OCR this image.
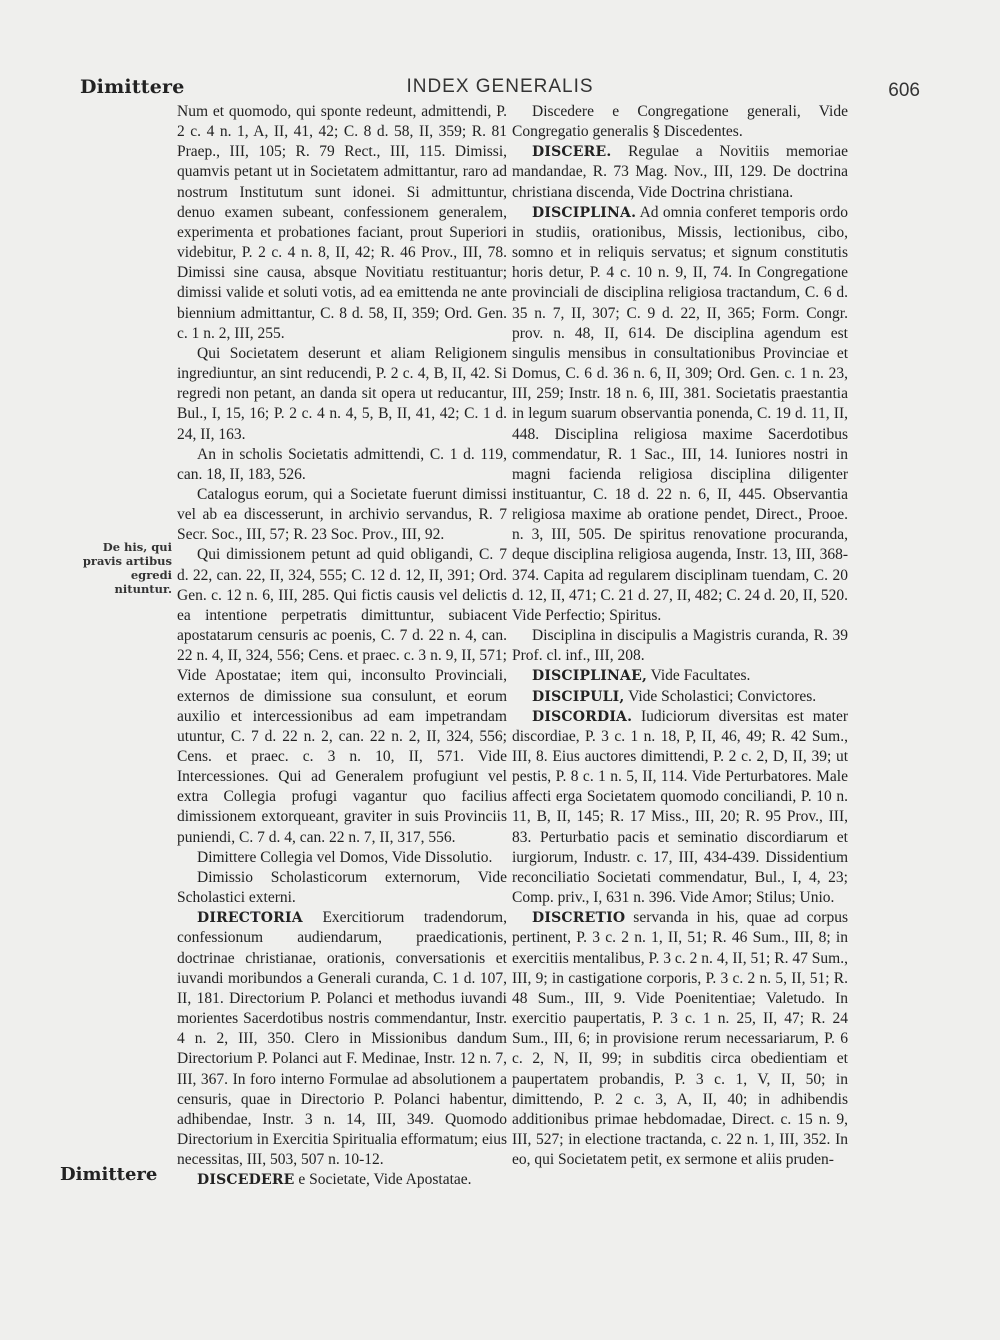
Dimittere	INDEX GENERALIS	606
De his, qui pravis artibus egredi nituntur.

Num et quomodo, qui sponte redeunt, admittendi, P. 2 c. 4 n. 1, A, II, 41, 42; C. 8 d. 58, II, 359; R. 81 Praep., III, 105; R. 79 Rect., III, 115. Dimissi, quamvis petant ut in Societatem admittantur, raro ad nostrum Institutum sunt idonei. Si admittuntur, denuo examen subeant, confessionem generalem, experimenta et probationes faciant, prout Superiori videbitur, P. 2 c. 4 n. 8, II, 42; R. 46 Prov., III, 78. Dimissi sine causa, absque Novitiatu restituantur; dimissi valide et soluti votis, ad ea emittenda ne ante biennium admittantur, C. 8 d. 58, II, 359; Ord. Gen. c. 1 n. 2, III, 255.

Qui Societatem deserunt et aliam Religionem ingrediuntur, an sint reducendi, P. 2 c. 4, B, II, 42. Si regredi non petant, an danda sit opera ut reducantur, Bul., I, 15, 16; P. 2 c. 4 n. 4, 5, B, II, 41, 42; C. 1 d. 24, II, 163.

An in scholis Societatis admittendi, C. 1 d. 119, can. 18, II, 183, 526.

Catalogus eorum, qui a Societate fuerunt dimissi vel ab ea discesserunt, in archivio servandus, R. 7 Secr. Soc., III, 57; R. 23 Soc. Prov., III, 92.

Qui dimissionem petunt ad quid obligandi, C. 7 d. 22, can. 22, II, 324, 555; C. 12 d. 12, II, 391; Ord. Gen. c. 12 n. 6, III, 285. Qui fictis causis vel delictis ea intentione perpetratis dimittuntur, subiacent apostatarum censuris ac poenis, C. 7 d. 22 n. 4, can. 22 n. 4, II, 324, 556; Cens. et praec. c. 3 n. 9, II, 571; Vide Apostatae; item qui, inconsulto Provinciali, externos de dimissione sua consulunt, et eorum auxilio et intercessionibus ad eam impetrandam utuntur, C. 7 d. 22 n. 2, can. 22 n. 2, II, 324, 556; Cens. et praec. c. 3 n. 10, II, 571. Vide Intercessiones. Qui ad Generalem profugiunt vel extra Collegia profugi vagantur quo facilius dimissionem extorqueant, graviter in suis Provinciis puniendi, C. 7 d. 4, can. 22 n. 7, II, 317, 556.

Dimittere Collegia vel Domos, Vide Dissolutio.

Dimissio Scholasticorum externorum, Vide Scholastici externi.

DIRECTORIA Exercitiorum tradendorum, confessionum audiendarum, praedicationis, doctrinae christianae, orationis, conversationis et iuvandi moribundos a Generali curanda, C. 1 d. 107, II, 181. Directorium P. Polanci et methodus iuvandi morientes Sacerdotibus nostris commendantur, Instr. 4 n. 2, III, 350. Clero in Missionibus dandum Directorium P. Polanci aut F. Medinae, Instr. 12 n. 7, III, 367. In foro interno Formulae ad absolutionem a censuris, quae in Directorio P. Polanci habentur, adhibendae, Instr. 3 n. 14, III, 349. Quomodo Directorium in Exercitia Spiritualia efformatum; eius necessitas, III, 503, 507 n. 10-12.

DISCEDERE e Societate, Vide Apostatae.

Discedere e Congregatione generali, Vide Congregatio generalis § Discedentes.

DISCERE. Regulae a Novitiis memoriae mandandae, R. 73 Mag. Nov., III, 129. De doctrina christiana discenda, Vide Doctrina christiana.

DISCIPLINA. Ad omnia conferet temporis ordo in studiis, orationibus, Missis, lectionibus, cibo, somno et in reliquis servatus; et signum constitutis horis detur, P. 4 c. 10 n. 9, II, 74. In Congregatione provinciali de disciplina religiosa tractandum, C. 6 d. 35 n. 7, II, 307; C. 9 d. 22, II, 365; Form. Congr. prov. n. 48, II, 614. De disciplina agendum est singulis mensibus in consultationibus Provinciae et Domus, C. 6 d. 36 n. 6, II, 309; Ord. Gen. c. 1 n. 23, III, 259; Instr. 18 n. 6, III, 381. Societatis praestantia in legum suarum observantia ponenda, C. 19 d. 11, II, 448. Disciplina religiosa maxime Sacerdotibus commendatur, R. 1 Sac., III, 14. Iuniores nostri in magni facienda religiosa disciplina diligenter instituantur, C. 18 d. 22 n. 6, II, 445. Observantia religiosa maxime ab oratione pendet, Direct., Prooe. n. 3, III, 505. De spiritus renovatione procuranda, deque disciplina religiosa augenda, Instr. 13, III, 368-374. Capita ad regularem disciplinam tuendam, C. 20 d. 12, II, 471; C. 21 d. 27, II, 482; C. 24 d. 20, II, 520. Vide Perfectio; Spiritus.

Disciplina in discipulis a Magistris curanda, R. 39 Prof. cl. inf., III, 208.

DISCIPLINAE, Vide Facultates.

DISCIPULI, Vide Scholastici; Convictores.

DISCORDIA. Iudiciorum diversitas est mater discordiae, P. 3 c. 1 n. 18, P, II, 46, 49; R. 42 Sum., III, 8. Eius auctores dimittendi, P. 2 c. 2, D, II, 39; ut pestis, P. 8 c. 1 n. 5, II, 114. Vide Perturbatores. Male affecti erga Societatem quomodo conciliandi, P. 10 n. 11, B, II, 145; R. 17 Miss., III, 20; R. 95 Prov., III, 83. Perturbatio pacis et seminatio discordiarum et iurgiorum, Industr. c. 17, III, 434-439. Dissidentium reconciliatio Societati commendatur, Bul., I, 4, 23; Comp. priv., I, 631 n. 396. Vide Amor; Stilus; Unio.

DISCRETIO servanda in his, quae ad corpus pertinent, P. 3 c. 2 n. 1, II, 51; R. 46 Sum., III, 8; in exercitiis mentalibus, P. 3 c. 2 n. 4, II, 51; R. 47 Sum., III, 9; in castigatione corporis, P. 3 c. 2 n. 5, II, 51; R. 48 Sum., III, 9. Vide Poenitentiae; Valetudo. In exercitio paupertatis, P. 3 c. 1 n. 25, II, 47; R. 24 Sum., III, 6; in provisione rerum necessariarum, P. 6 c. 2, N, II, 99; in subditis circa obedientiam et paupertatem probandis, P. 3 c. 1, V, II, 50; in dimittendo, P. 2 c. 3, A, II, 40; in adhibendis additionibus primae hebdomadae, Direct. c. 15 n. 9, III, 527; in electione tractanda, c. 22 n. 1, III, 352. In eo, qui Societatem petit, ex sermone et aliis pruden-

Dimittere
